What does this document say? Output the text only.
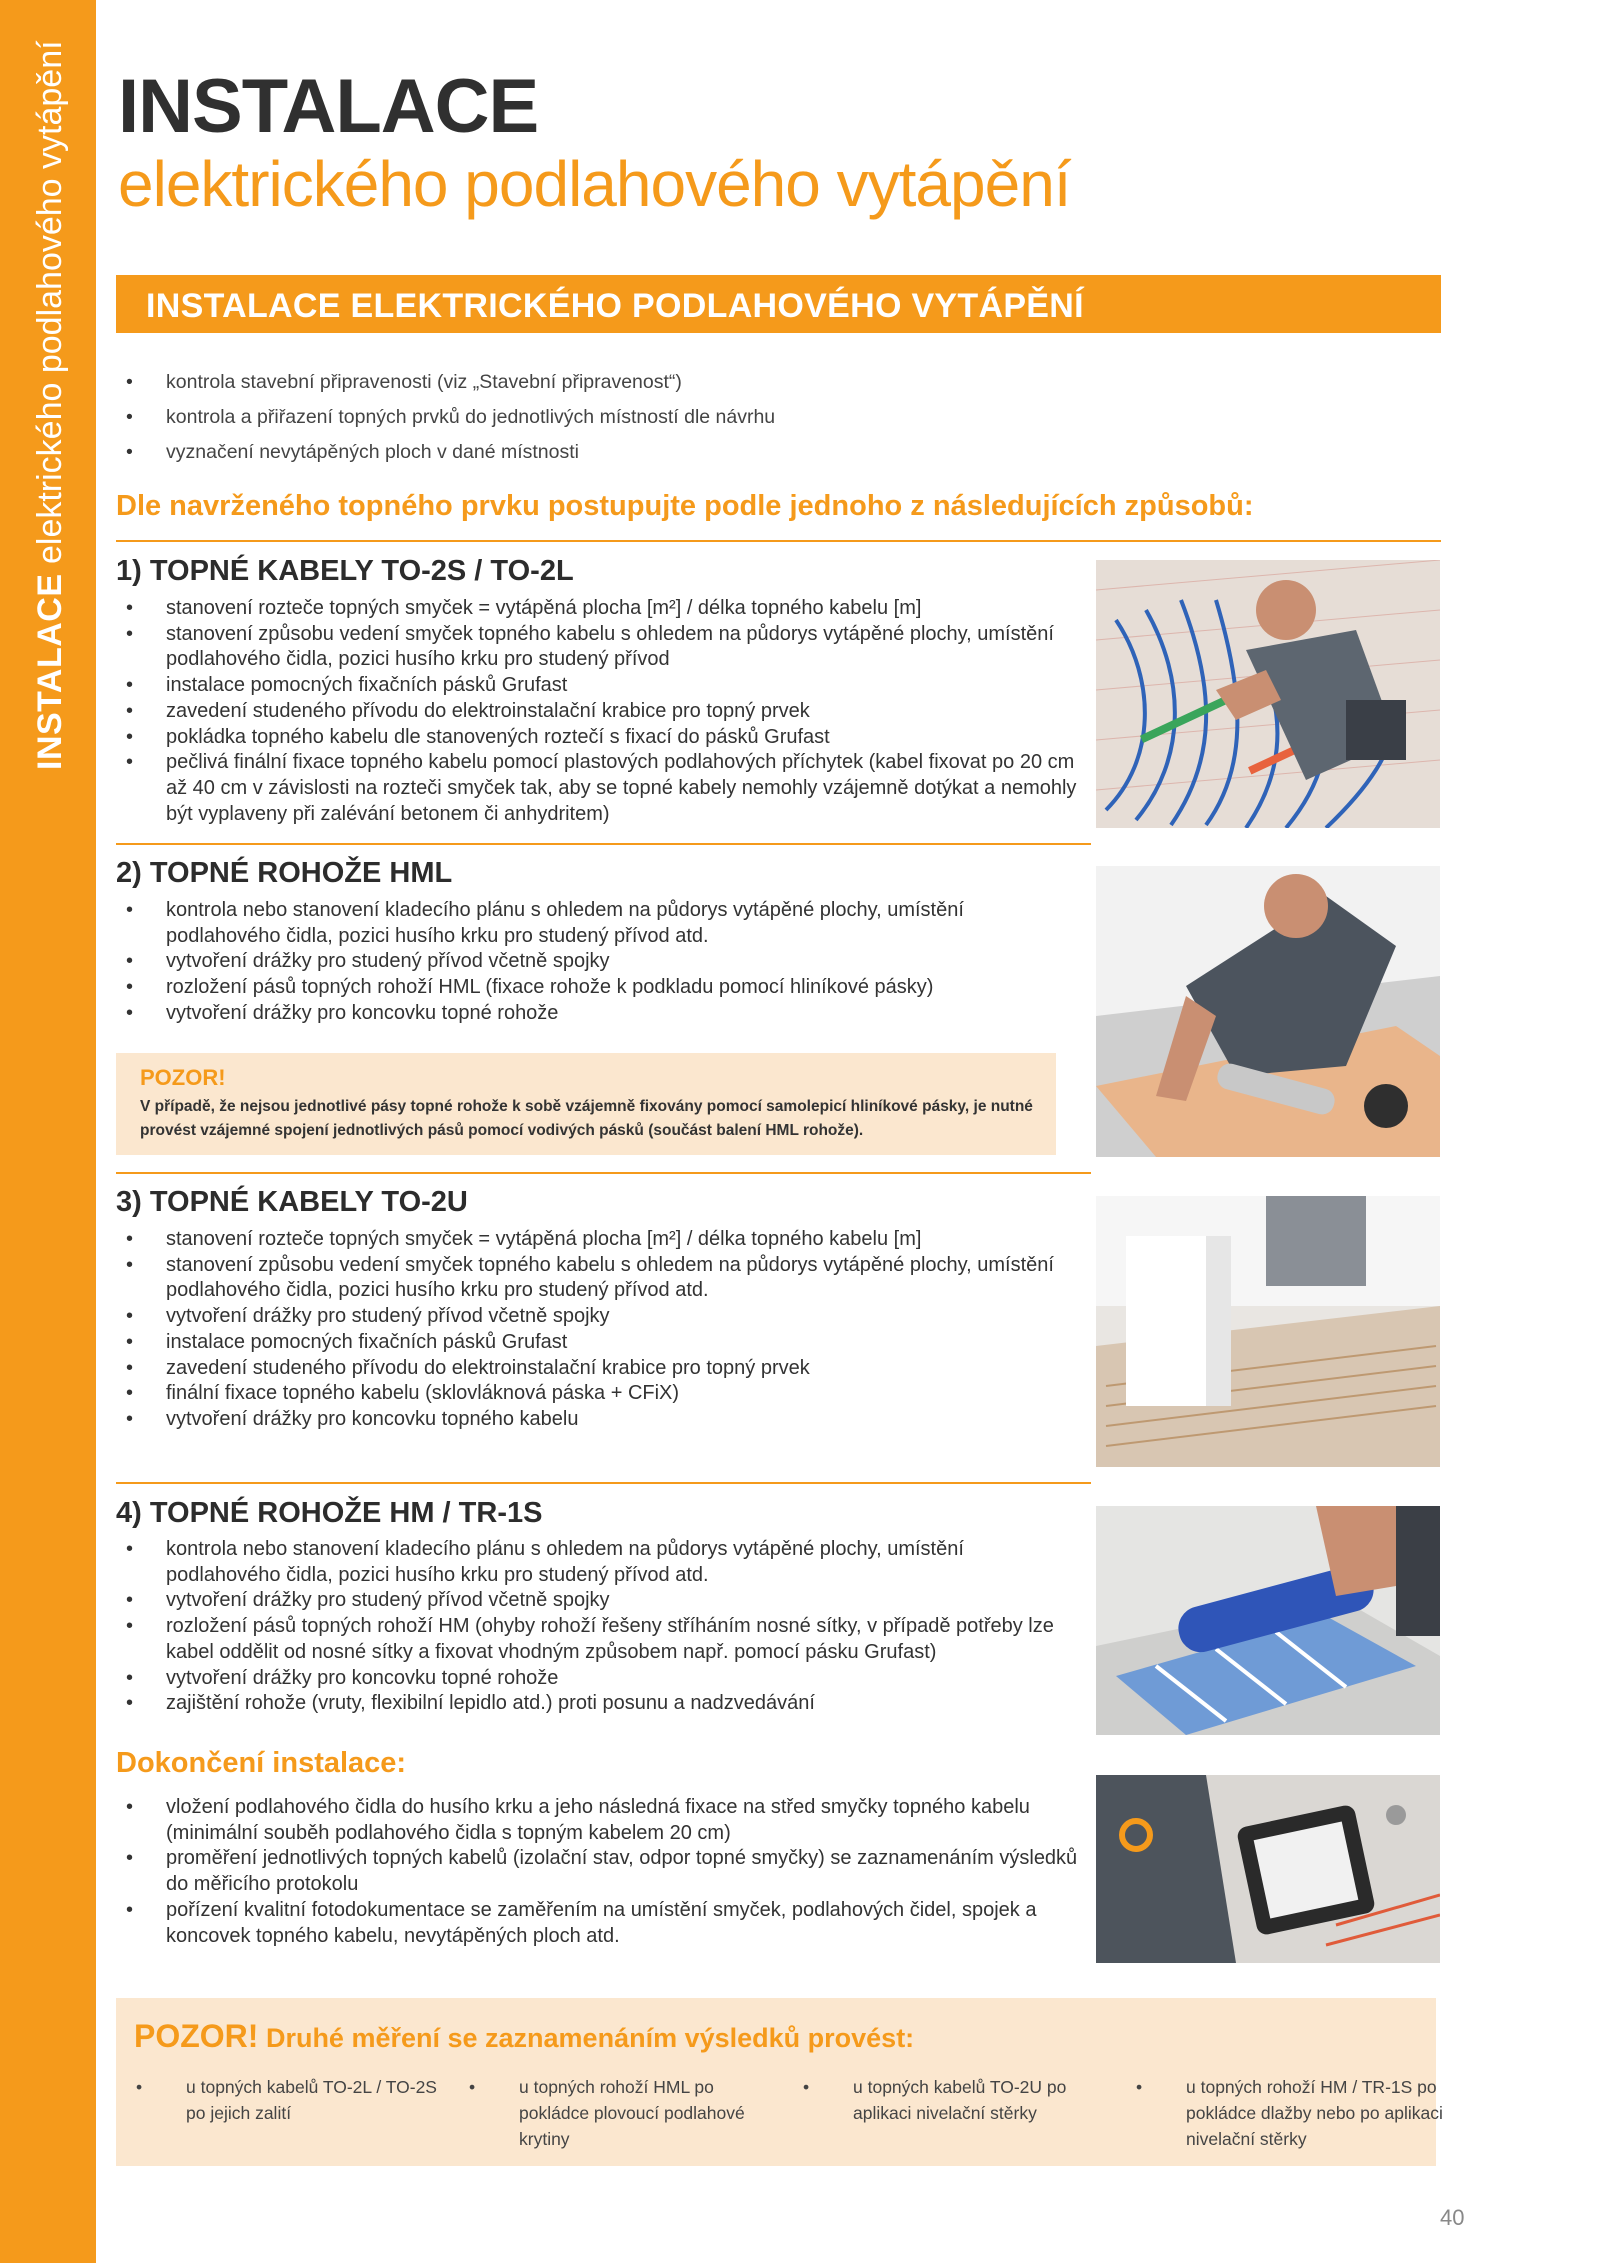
INSTALACE elektrického podlahového vytápění INSTALACE
elektrického podlahového vytápění
INSTALACE ELEKTRICKÉHO PODLAHOVÉHO VYTÁPĚNÍ
• kontrola stavební připravenosti (viz „Stavební připravenost“)
• kontrola a přiřazení topných prvků do jednotlivých místností dle návrhu
• vyznačení nevytápěných ploch v dané místnosti
Dle navrženého topného prvku postupujte podle jednoho z následujících způsobů:
1) TOPNÉ KABELY TO-2S / TO-2L
• stanovení rozteče topných smyček = vytápěná plocha [m²] / délka topného kabelu [m]
• stanovení způsobu vedení smyček topného kabelu s ohledem na půdorys vytápěné plochy, umístění podlahového čidla, pozici husího krku pro studený přívod
• instalace pomocných fixačních pásků Grufast
• zavedení studeného přívodu do elektroinstalační krabice pro topný prvek
• pokládka topného kabelu dle stanovených roztečí s fixací do pásků Grufast
• pečlivá finální fixace topného kabelu pomocí plastových podlahových příchytek (kabel fixovat po 20 cm až 40 cm v závislosti na rozteči smyček tak, aby se topné kabely nemohly vzájemně dotýkat a nemohly být vyplaveny při zalévání betonem či anhydritem)
2) TOPNÉ ROHOŽE HML
• kontrola nebo stanovení kladecího plánu s ohledem na půdorys vytápěné plochy, umístění podlahového čidla, pozici husího krku pro studený přívod atd.
• vytvoření drážky pro studený přívod včetně spojky
• rozložení pásů topných rohoží HML (fixace rohože k podkladu pomocí hliníkové pásky)
• vytvoření drážky pro koncovku topné rohože

POZOR!

V případě, že nejsou jednotlivé pásy topné rohože k sobě vzájemně fixovány pomocí samolepicí hliníkové pásky, je nutné provést vzájemné spojení jednotlivých pásů pomocí vodivých pásků (součást balení HML rohože).

3) TOPNÉ KABELY TO-2U
• stanovení rozteče topných smyček = vytápěná plocha [m²] / délka topného kabelu [m]
• stanovení způsobu vedení smyček topného kabelu s ohledem na půdorys vytápěné plochy, umístění podlahového čidla, pozici husího krku pro studený přívod atd.
• vytvoření drážky pro studený přívod včetně spojky
• instalace pomocných fixačních pásků Grufast
• zavedení studeného přívodu do elektroinstalační krabice pro topný prvek
• finální fixace topného kabelu (sklovláknová páska + CFiX)
• vytvoření drážky pro koncovku topného kabelu
4) TOPNÉ ROHOŽE HM / TR-1S
• kontrola nebo stanovení kladecího plánu s ohledem na půdorys vytápěné plochy, umístění podlahového čidla, pozici husího krku pro studený přívod atd.
• vytvoření drážky pro studený přívod včetně spojky
• rozložení pásů topných rohoží HM (ohyby rohoží řešeny stříháním nosné sítky, v případě potřeby lze kabel oddělit od nosné sítky a fixovat vhodným způsobem např. pomocí pásku Grufast)
• vytvoření drážky pro koncovku topné rohože
• zajištění rohože (vruty, flexibilní lepidlo atd.) proti posunu a nadzvedávání
Dokončení instalace:
• vložení podlahového čidla do husího krku a jeho následná fixace na střed smyčky topného kabelu (minimální souběh podlahového čidla s topným kabelem 20 cm)
• proměření jednotlivých topných kabelů (izolační stav, odpor topné smyčky) se zaznamenáním výsledků do měřicího protokolu
• pořízení kvalitní fotodokumentace se zaměřením na umístění smyček, podlahových čidel, spojek a koncovek topného kabelu, nevytápěných ploch atd.

POZOR! Druhé měření se zaznamenáním výsledků provést:

•	u topných kabelů TO-2L / TO-2S po jejich zalití
•	u topných rohoží HML po pokládce plovoucí podlahové krytiny
•	u topných kabelů TO-2U po aplikaci nivelační stěrky
•	u topných rohoží HM / TR-1S po pokládce dlažby nebo po aplikaci nivelační stěrky
40
